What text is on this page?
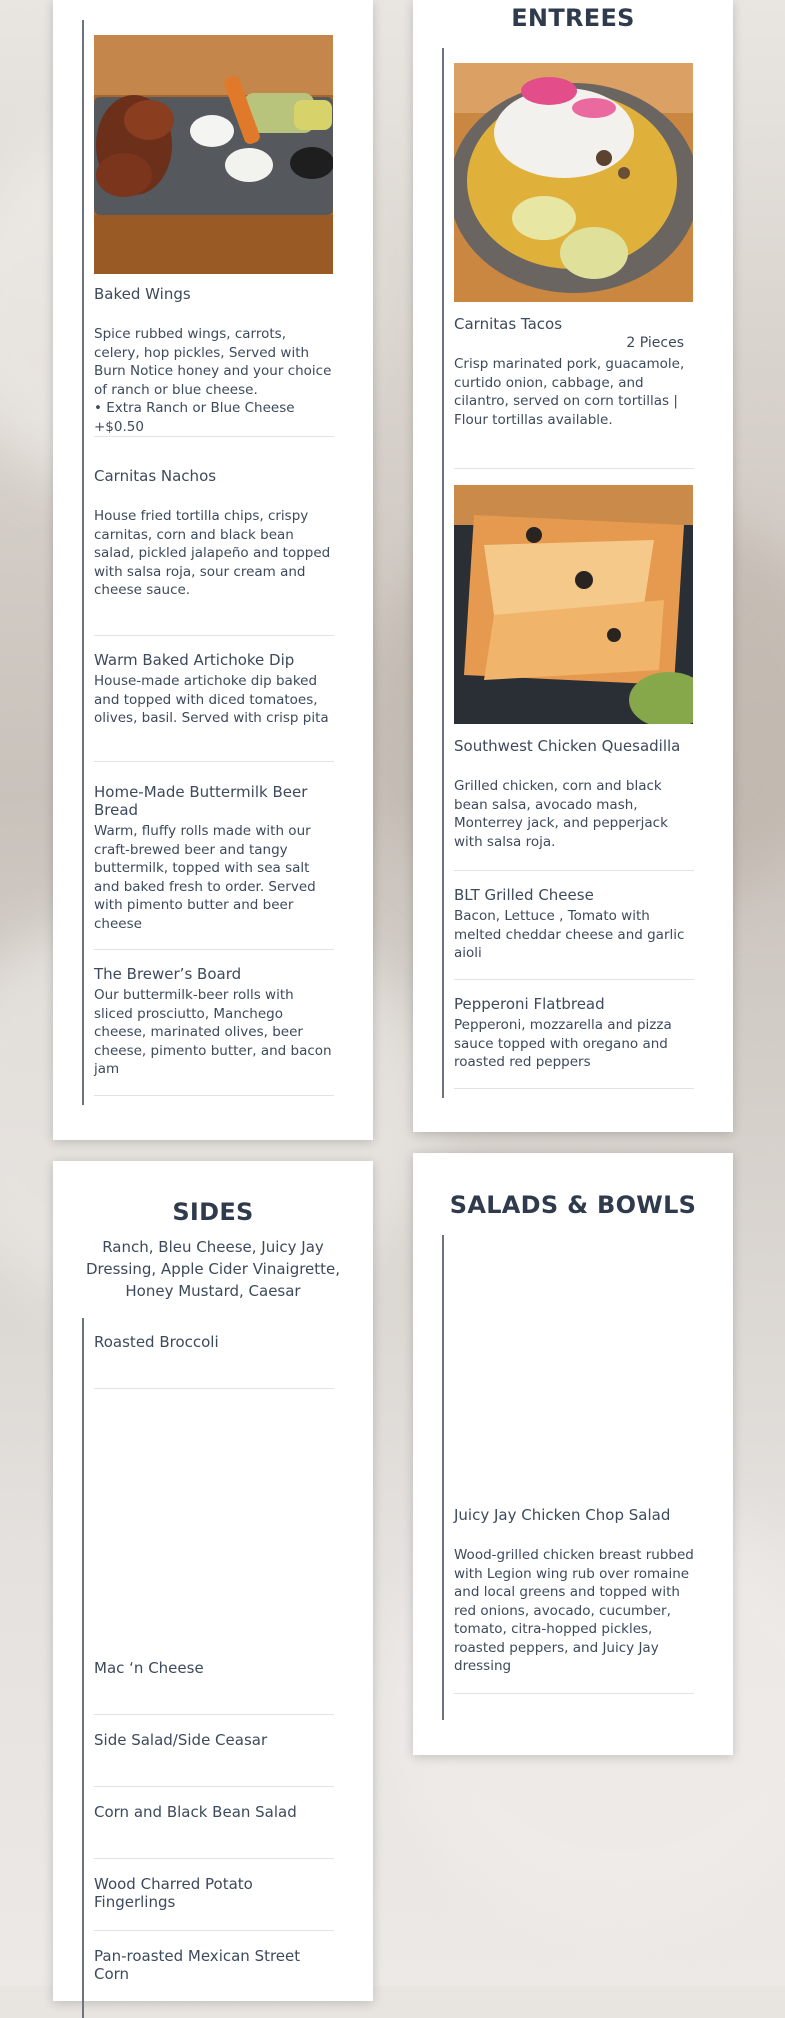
Baked Wings
Spice rubbed wings, carrots, celery, hop pickles, Served with Burn Notice honey and your choice of ranch or blue cheese.
• Extra Ranch or Blue Cheese +$0.50
Carnitas Nachos
House fried tortilla chips, crispy carnitas, corn and black bean salad, pickled jalapeño and topped with salsa roja, sour cream and cheese sauce.
Warm Baked Artichoke Dip
House-made artichoke dip baked and topped with diced tomatoes, olives, basil. Served with crisp pita
Home-Made Buttermilk Beer Bread
Warm, fluffy rolls made with our craft-brewed beer and tangy buttermilk, topped with sea salt and baked fresh to order. Served with pimento butter and beer cheese
The Brewer’s Board
Our buttermilk-beer rolls with sliced prosciutto, Manchego cheese, marinated olives, beer cheese, pimento butter, and bacon jam
ENTREES
Carnitas Tacos
2 Pieces
Crisp marinated pork, guacamole, curtido onion, cabbage, and cilantro, served on corn tortillas | Flour tortillas available.
Southwest Chicken Quesadilla
Grilled chicken, corn and black bean salsa, avocado mash, Monterrey jack, and pepperjack with salsa roja.
BLT Grilled Cheese
Bacon, Lettuce , Tomato with melted cheddar cheese and garlic aioli
Pepperoni Flatbread
Pepperoni, mozzarella and pizza sauce topped with oregano and roasted red peppers
SIDES
Ranch, Bleu Cheese, Juicy Jay Dressing, Apple Cider Vinaigrette, Honey Mustard, Caesar
Roasted Broccoli
Mac ‘n Cheese
Side Salad/Side Ceasar
Corn and Black Bean Salad
Wood Charred Potato Fingerlings
Pan-roasted Mexican Street Corn
SALADS & BOWLS
Juicy Jay Chicken Chop Salad
Wood-grilled chicken breast rubbed with Legion wing rub over romaine and local greens and topped with red onions, avocado, cucumber, tomato, citra-hopped pickles, roasted peppers, and Juicy Jay dressing
